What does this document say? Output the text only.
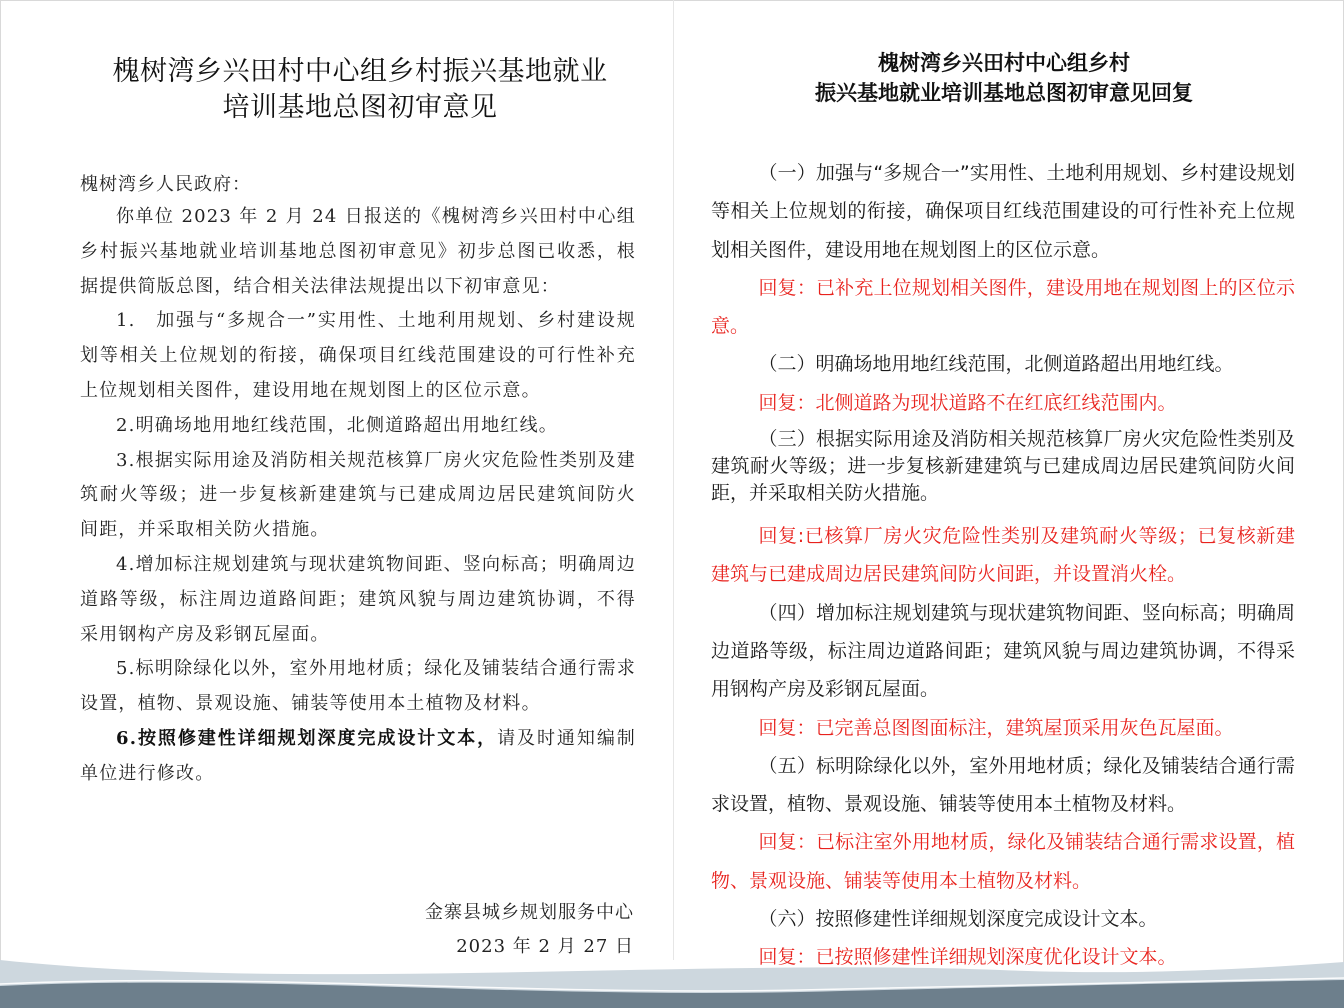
槐树湾乡兴田村中心组乡村振兴基地就业
培训基地总图初审意见
槐树湾乡人民政府：

你单位 2023 年 2 月 24 日报送的《槐树湾乡兴田村中心组乡村振兴基地就业培训基地总图初审意见》初步总图已收悉，根据提供简版总图，结合相关法律法规提出以下初审意见：

1.　加强与“多规合一”实用性、土地利用规划、乡村建设规划等相关上位规划的衔接，确保项目红线范围建设的可行性补充上位规划相关图件，建设用地在规划图上的区位示意。

2.明确场地用地红线范围，北侧道路超出用地红线。

3.根据实际用途及消防相关规范核算厂房火灾危险性类别及建筑耐火等级；进一步复核新建建筑与已建成周边居民建筑间防火间距，并采取相关防火措施。

4.增加标注规划建筑与现状建筑物间距、竖向标高；明确周边道路等级，标注周边道路间距；建筑风貌与周边建筑协调，不得采用钢构产房及彩钢瓦屋面。

5.标明除绿化以外，室外用地材质；绿化及铺装结合通行需求设置，植物、景观设施、铺装等使用本土植物及材料。

6.按照修建性详细规划深度完成设计文本，请及时通知编制单位进行修改。

金寨县城乡规划服务中心
2023 年 2 月 27 日
槐树湾乡兴田村中心组乡村
振兴基地就业培训基地总图初审意见回复

（一）加强与“多规合一”实用性、土地利用规划、乡村建设规划等相关上位规划的衔接，确保项目红线范围建设的可行性补充上位规划相关图件，建设用地在规划图上的区位示意。

回复：已补充上位规划相关图件，建设用地在规划图上的区位示意。

（二）明确场地用地红线范围，北侧道路超出用地红线。

回复：北侧道路为现状道路不在红底红线范围内。

（三）根据实际用途及消防相关规范核算厂房火灾危险性类别及建筑耐火等级；进一步复核新建建筑与已建成周边居民建筑间防火间距，并采取相关防火措施。

回复:已核算厂房火灾危险性类别及建筑耐火等级；已复核新建建筑与已建成周边居民建筑间防火间距，并设置消火栓。

（四）增加标注规划建筑与现状建筑物间距、竖向标高；明确周边道路等级，标注周边道路间距；建筑风貌与周边建筑协调，不得采用钢构产房及彩钢瓦屋面。

回复：已完善总图图面标注，建筑屋顶采用灰色瓦屋面。

（五）标明除绿化以外，室外用地材质；绿化及铺装结合通行需求设置，植物、景观设施、铺装等使用本土植物及材料。

回复：已标注室外用地材质，绿化及铺装结合通行需求设置，植物、景观设施、铺装等使用本土植物及材料。

（六）按照修建性详细规划深度完成设计文本。

回复：已按照修建性详细规划深度优化设计文本。
